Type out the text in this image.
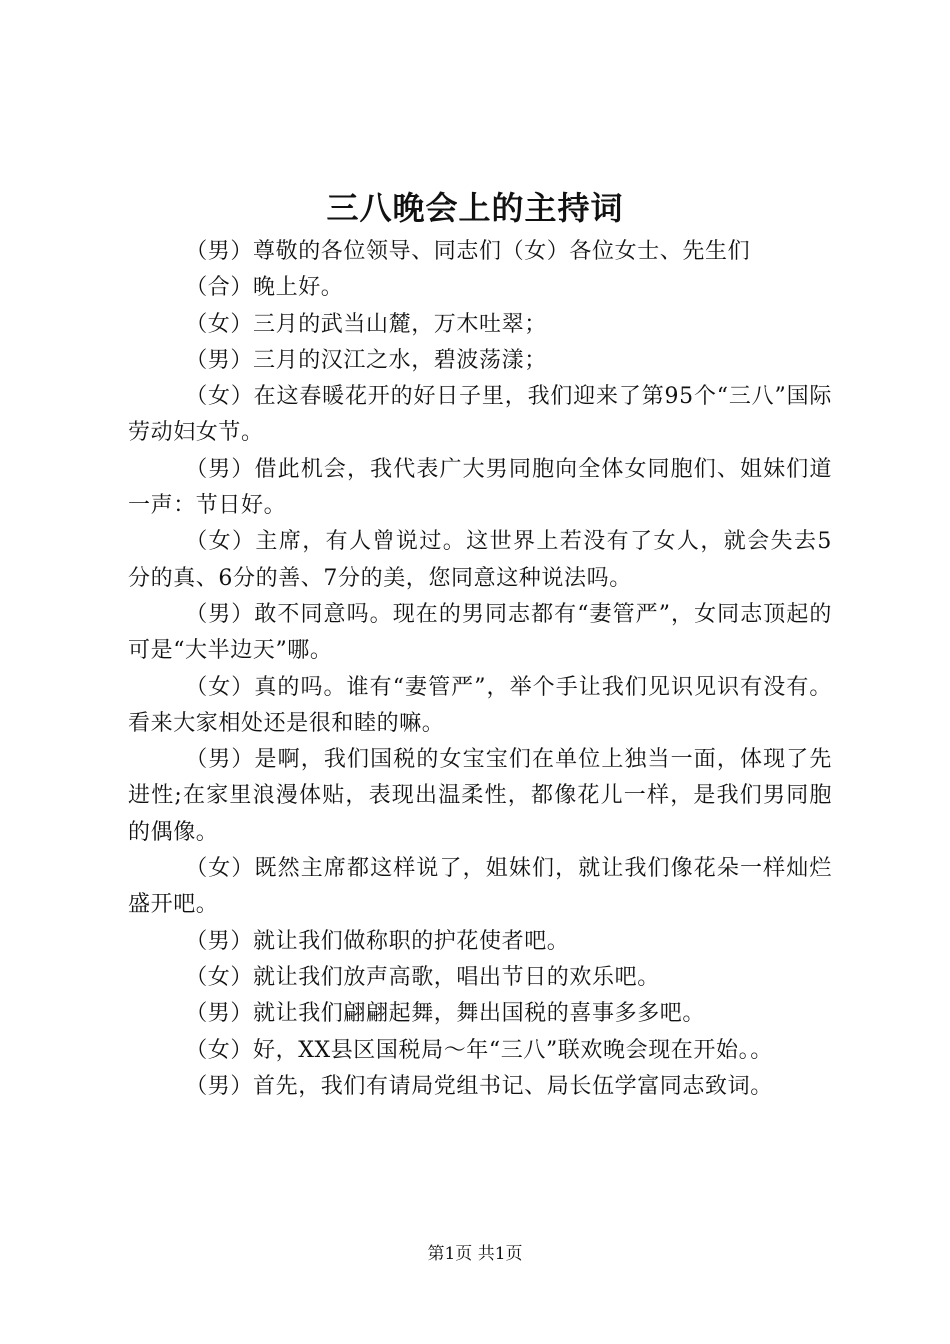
三八晚会上的主持词

（男）尊敬的各位领导、同志们（女）各位女士、先生们

（合）晚上好。

（女）三月的武当山麓，万木吐翠；

（男）三月的汉江之水，碧波荡漾；

（女）在这春暖花开的好日子里，我们迎来了第95个“三八”国际劳动妇女节。

（男）借此机会，我代表广大男同胞向全体女同胞们、姐妹们道一声：节日好。

（女）主席，有人曾说过。这世界上若没有了女人，就会失去5分的真、6分的善、7分的美，您同意这种说法吗。

（男）敢不同意吗。现在的男同志都有“妻管严”，女同志顶起的可是“大半边天”哪。

（女）真的吗。谁有“妻管严”，举个手让我们见识见识有没有。看来大家相处还是很和睦的嘛。

（男）是啊，我们国税的女宝宝们在单位上独当一面，体现了先进性;在家里浪漫体贴，表现出温柔性，都像花儿一样，是我们男同胞的偶像。

（女）既然主席都这样说了，姐妹们，就让我们像花朵一样灿烂盛开吧。

（男）就让我们做称职的护花使者吧。

（女）就让我们放声高歌，唱出节日的欢乐吧。

（男）就让我们翩翩起舞，舞出国税的喜事多多吧。

（女）好，XX县区国税局～年“三八”联欢晚会现在开始。。

（男）首先，我们有请局党组书记、局长伍学富同志致词。

第1页 共1页
